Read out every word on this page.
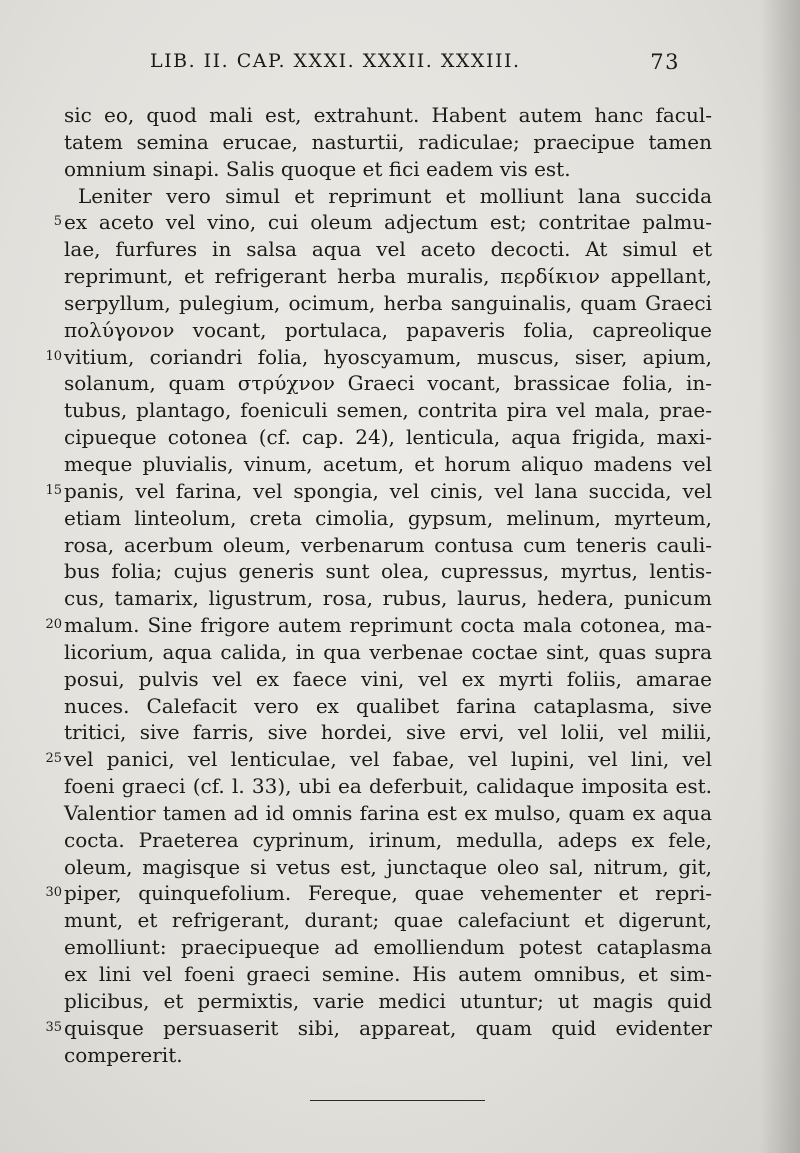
LIB. II. CAP. XXXI. XXXII. XXXIII.	73
sic eo, quod mali est, extrahunt. Habent autem hanc facul-
tatem semina erucae, nasturtii, radiculae; praecipue tamen
omnium sinapi. Salis quoque et fici eadem vis est.
Leniter vero simul et reprimunt et molliunt lana succida
5 ex aceto vel vino, cui oleum adjectum est; contritae palmu-
lae, furfures in salsa aqua vel aceto decocti. At simul et
reprimunt, et refrigerant herba muralis, περδίκιον appellant,
serpyllum, pulegium, ocimum, herba sanguinalis, quam Graeci
πολύγονον vocant, portulaca, papaveris folia, capreolique
10 vitium, coriandri folia, hyoscyamum, muscus, siser, apium,
solanum, quam στρύχνον Graeci vocant, brassicae folia, in-
tubus, plantago, foeniculi semen, contrita pira vel mala, prae-
cipueque cotonea (cf. cap. 24), lenticula, aqua frigida, maxi-
meque pluvialis, vinum, acetum, et horum aliquo madens vel
15 panis, vel farina, vel spongia, vel cinis, vel lana succida, vel
etiam linteolum, creta cimolia, gypsum, melinum, myrteum,
rosa, acerbum oleum, verbenarum contusa cum teneris cauli-
bus folia; cujus generis sunt olea, cupressus, myrtus, lentis-
cus, tamarix, ligustrum, rosa, rubus, laurus, hedera, punicum
20 malum. Sine frigore autem reprimunt cocta mala cotonea, ma-
licorium, aqua calida, in qua verbenae coctae sint, quas supra
posui, pulvis vel ex faece vini, vel ex myrti foliis, amarae
nuces. Calefacit vero ex qualibet farina cataplasma, sive
tritici, sive farris, sive hordei, sive ervi, vel lolii, vel milii,
25 vel panici, vel lenticulae, vel fabae, vel lupini, vel lini, vel
foeni graeci (cf. l. 33), ubi ea deferbuit, calidaque imposita est.
Valentior tamen ad id omnis farina est ex mulso, quam ex aqua
cocta. Praeterea cyprinum, irinum, medulla, adeps ex fele,
oleum, magisque si vetus est, junctaque oleo sal, nitrum, git,
30 piper, quinquefolium. Fereque, quae vehementer et repri-
munt, et refrigerant, durant; quae calefaciunt et digerunt,
emolliunt: praecipueque ad emolliendum potest cataplasma
ex lini vel foeni graeci semine. His autem omnibus, et sim-
plicibus, et permixtis, varie medici utuntur; ut magis quid
35 quisque persuaserit sibi, appareat, quam quid evidenter
compererit.
